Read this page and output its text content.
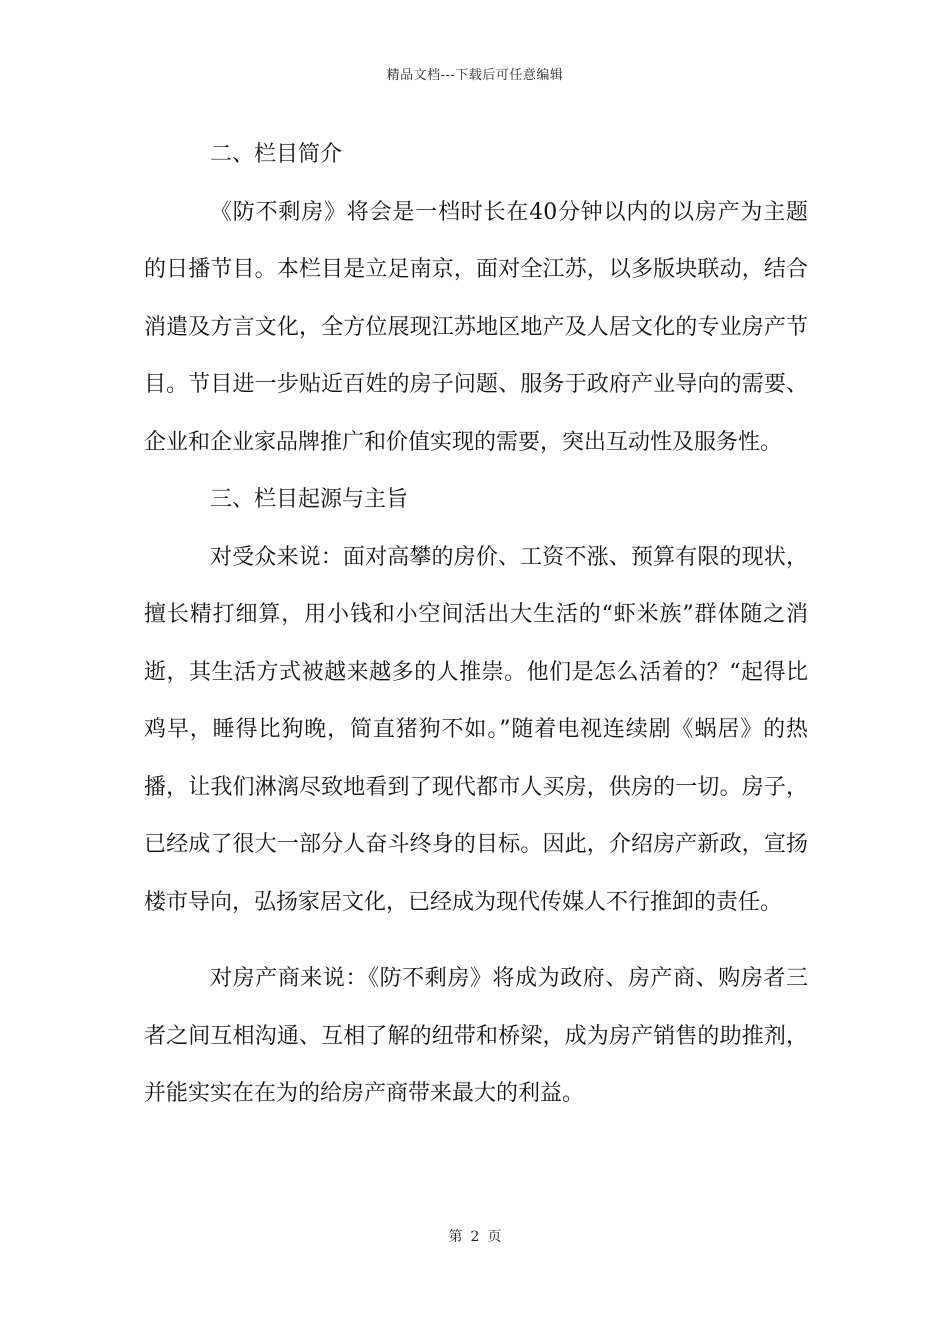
精品文档---下载后可任意编辑
二、栏目简介

《防不剩房》将会是一档时长在40分钟以内的以房产为主题的日播节目。本栏目是立足南京，面对全江苏，以多版块联动，结合消遣及方言文化，全方位展现江苏地区地产及人居文化的专业房产节目。节目进一步贴近百姓的房子问题、服务于政府产业导向的需要、企业和企业家品牌推广和价值实现的需要，突出互动性及服务性。

三、栏目起源与主旨

对受众来说：面对高攀的房价、工资不涨、预算有限的现状，擅长精打细算，用小钱和小空间活出大生活的“虾米族”群体随之消逝，其生活方式被越来越多的人推崇。他们是怎么活着的？“起得比鸡早，睡得比狗晚，简直猪狗不如。”随着电视连续剧《蜗居》的热播，让我们淋漓尽致地看到了现代都市人买房，供房的一切。房子，已经成了很大一部分人奋斗终身的目标。因此，介绍房产新政，宣扬楼市导向，弘扬家居文化，已经成为现代传媒人不行推卸的责任。

对房产商来说：《防不剩房》将成为政府、房产商、购房者三者之间互相沟通、互相了解的纽带和桥梁，成为房产销售的助推剂，并能实实在在为的给房产商带来最大的利益。

第 2 页
